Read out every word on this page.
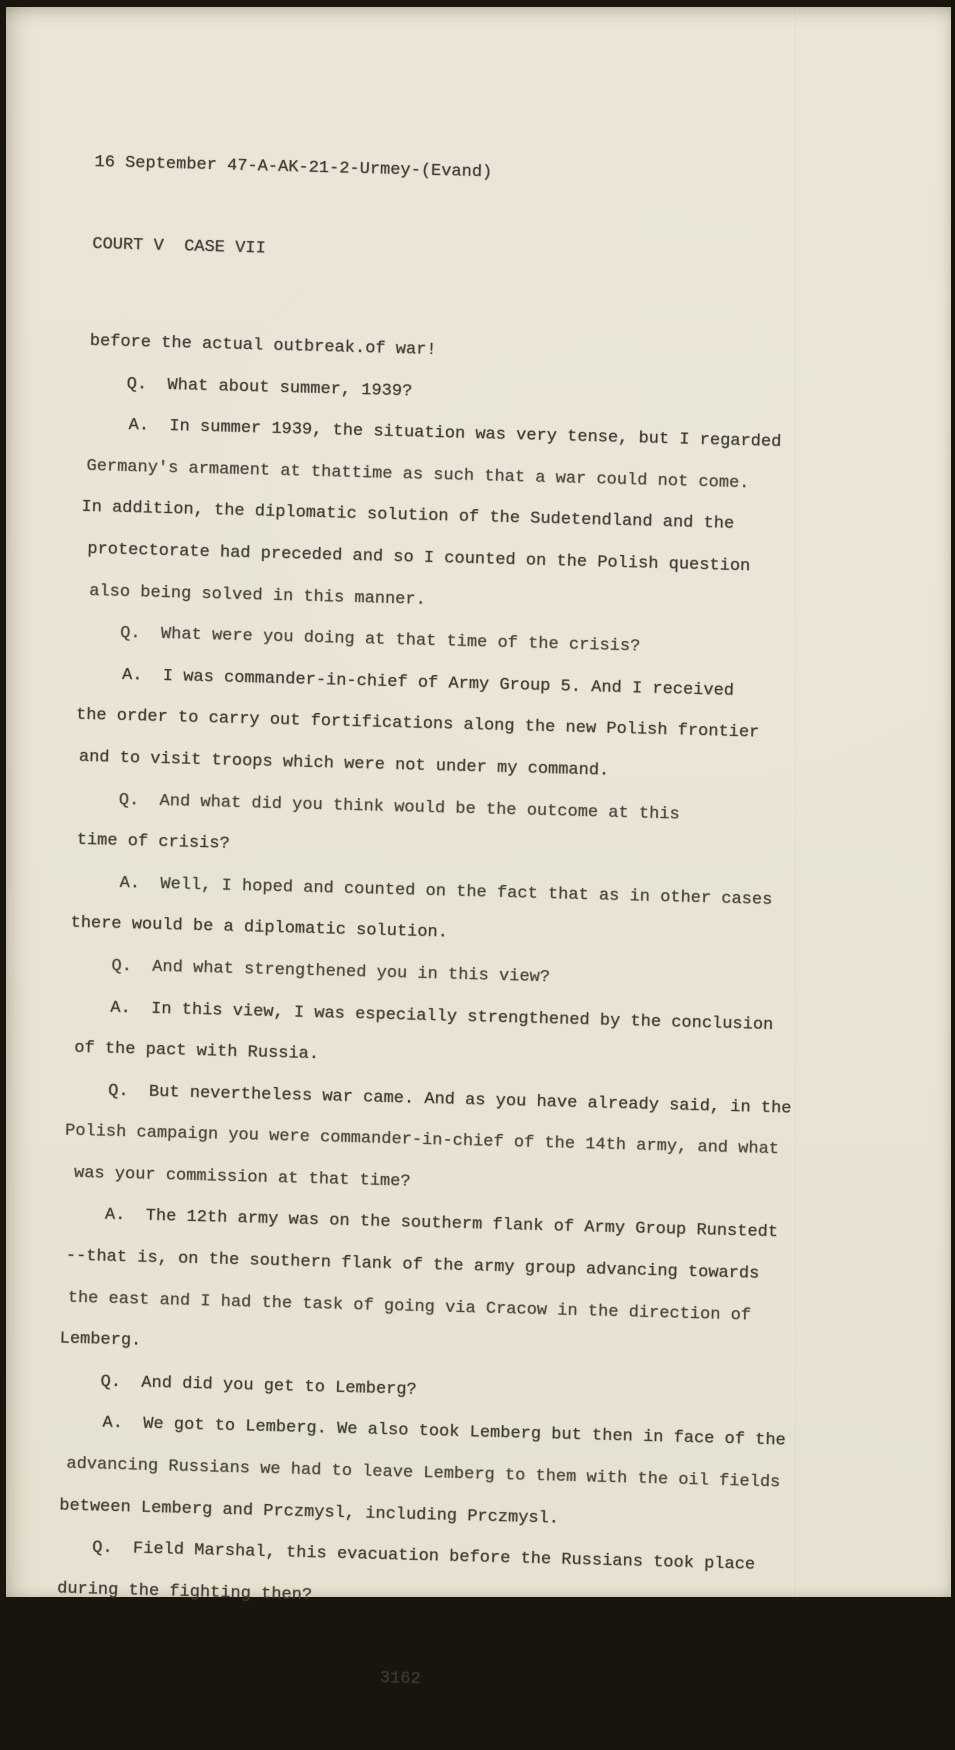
16 September 47-A-AK-21-2-Urmey-(Evand)

COURT V  CASE VII

before the actual outbreak.of war!
Q.  What about summer, 1939?
A.  In summer 1939, the situation was very tense, but I regarded
Germany's armament at thattime as such that a war could not come.
In addition, the diplomatic solution of the Sudetendland and the
protectorate had preceded and so I counted on the Polish question
also being solved in this manner.
Q.  What were you doing at that time of the crisis?
A.  I was commander-in-chief of Army Group 5. And I received
the order to carry out fortifications along the new Polish frontier
and to visit troops which were not under my command.
Q.  And what did you think would be the outcome at this
time of crisis?
A.  Well, I hoped and counted on the fact that as in other cases
there would be a diplomatic solution.
Q.  And what strengthened you in this view?
A.  In this view, I was especially strengthened by the conclusion
of the pact with Russia.
Q.  But nevertheless war came. And as you have already said, in the
Polish campaign you were commander-in-chief of the 14th army, and what
was your commission at that time?
A.  The 12th army was on the southerm flank of Army Group Runstedt
--that is, on the southern flank of the army group advancing towards
the east and I had the task of going via Cracow in the direction of
Lemberg.
Q.  And did you get to Lemberg?
A.  We got to Lemberg. We also took Lemberg but then in face of the
advancing Russians we had to leave Lemberg to them with the oil fields
between Lemberg and Prczmysl, including Prczmysl.
Q.  Field Marshal, this evacuation before the Russians took place
during the fighting then?

3162
